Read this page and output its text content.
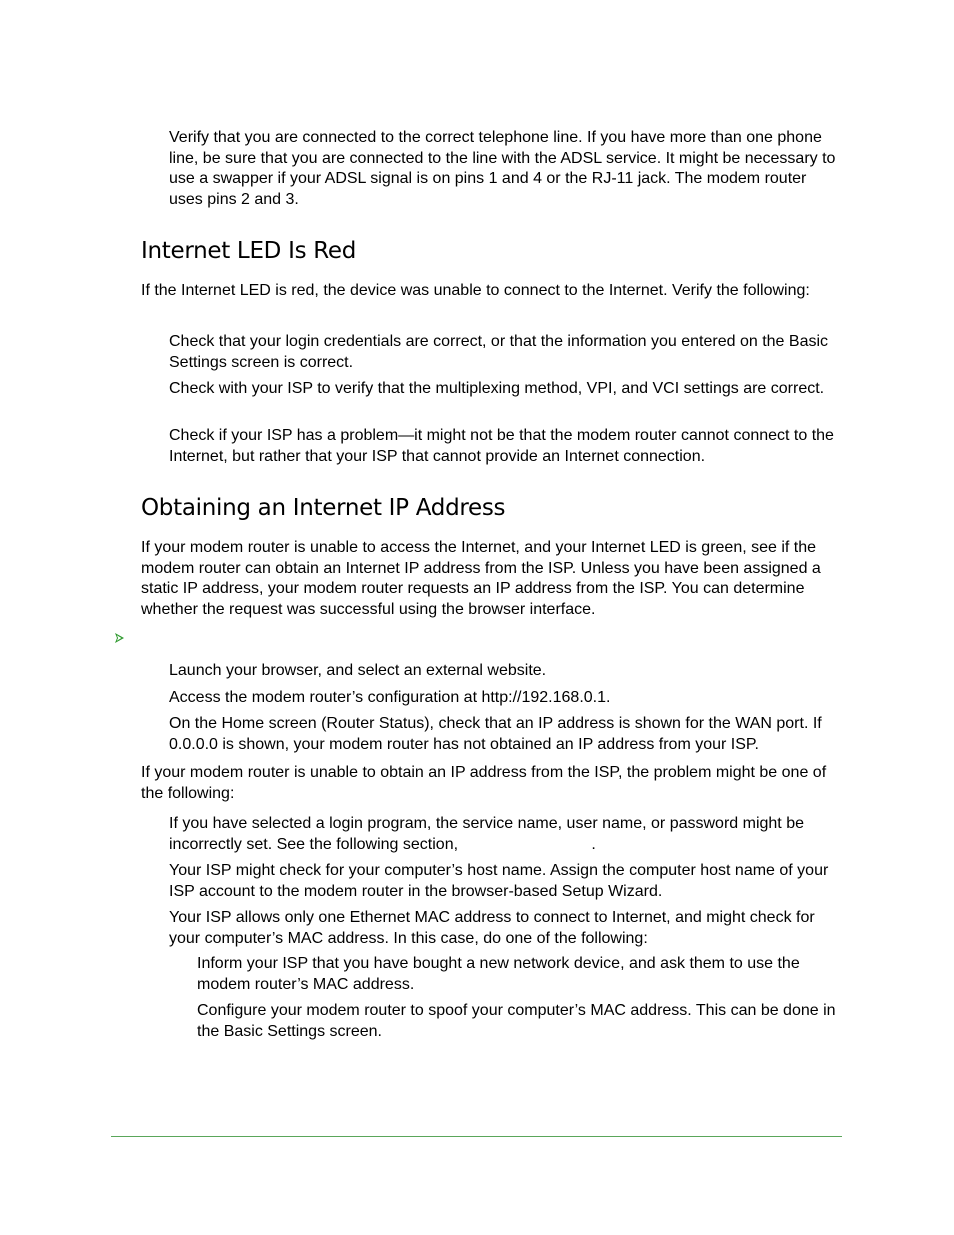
Verify that you are connected to the correct telephone line. If you have more than one phone line, be sure that you are connected to the line with the ADSL service. It might be necessary to use a swapper if your ADSL signal is on pins 1 and 4 or the RJ-11 jack. The modem router uses pins 2 and 3.

Internet LED Is Red

If the Internet LED is red, the device was unable to connect to the Internet. Verify the following:

Check that your login credentials are correct, or that the information you entered on the Basic Settings screen is correct.

Check with your ISP to verify that the multiplexing method, VPI, and VCI settings are correct.

Check if your ISP has a problem—it might not be that the modem router cannot connect to the Internet, but rather that your ISP that cannot provide an Internet connection.

Obtaining an Internet IP Address

If your modem router is unable to access the Internet, and your Internet LED is green, see if the modem router can obtain an Internet IP address from the ISP. Unless you have been assigned a static IP address, your modem router requests an IP address from the ISP. You can determine whether the request was successful using the browser interface.

Launch your browser, and select an external website.

Access the modem router’s configuration at http://192.168.0.1.

On the Home screen (Router Status), check that an IP address is shown for the WAN port. If 0.0.0.0 is shown, your modem router has not obtained an IP address from your ISP.

If your modem router is unable to obtain an IP address from the ISP, the problem might be one of the following:

If you have selected a login program, the service name, user name, or password might be incorrectly set. See the following section,                              .

Your ISP might check for your computer’s host name. Assign the computer host name of your ISP account to the modem router in the browser-based Setup Wizard.

Your ISP allows only one Ethernet MAC address to connect to Internet, and might check for your computer’s MAC address. In this case, do one of the following:

Inform your ISP that you have bought a new network device, and ask them to use the modem router’s MAC address.

Configure your modem router to spoof your computer’s MAC address. This can be done in the Basic Settings screen.
